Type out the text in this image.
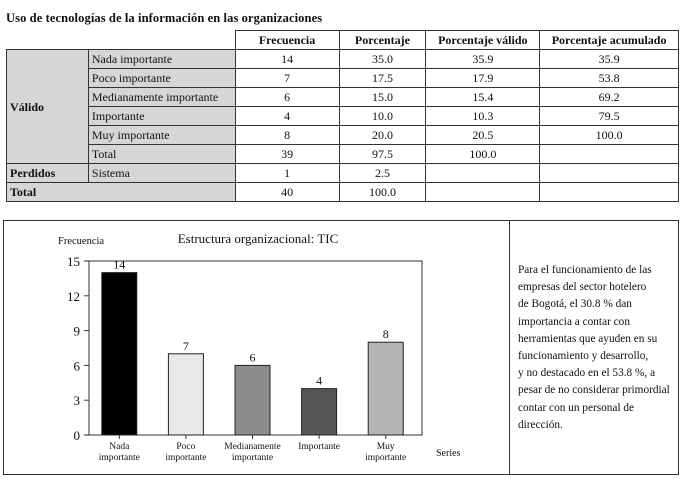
Uso de tecnologías de la información en las organizaciones
		Frecuencia	Porcentaje	Porcentaje válido	Porcentaje acumulado
Válido	Nada importante	14	35.0	35.9	35.9
	Poco importante	7	17.5	17.9	53.8
	Medianamente importante	6	15.0	15.4	69.2
	Importante	4	10.0	10.3	79.5
	Muy importante	8	20.0	20.5	100.0
	Total	39	97.5	100.0	
Perdidos	Sistema	1	2.5		
Total		40	100.0		
Frecuencia	Estructura organizacional: TIC
Series
0
3
6
9
12
15
Nada
importante
Poco
importante
Medianamente
importante
Importante	Muy
importante
14
7
6
4
8
Para el funcionamiento de las
empresas del sector hotelero
de Bogotá, el 30.8 % dan
importancia a contar con
herramientas que ayuden en su
funcionamiento y desarrollo,
y no destacado en el 53.8 %, a
pesar de no considerar primordial
contar con un personal de
dirección.
